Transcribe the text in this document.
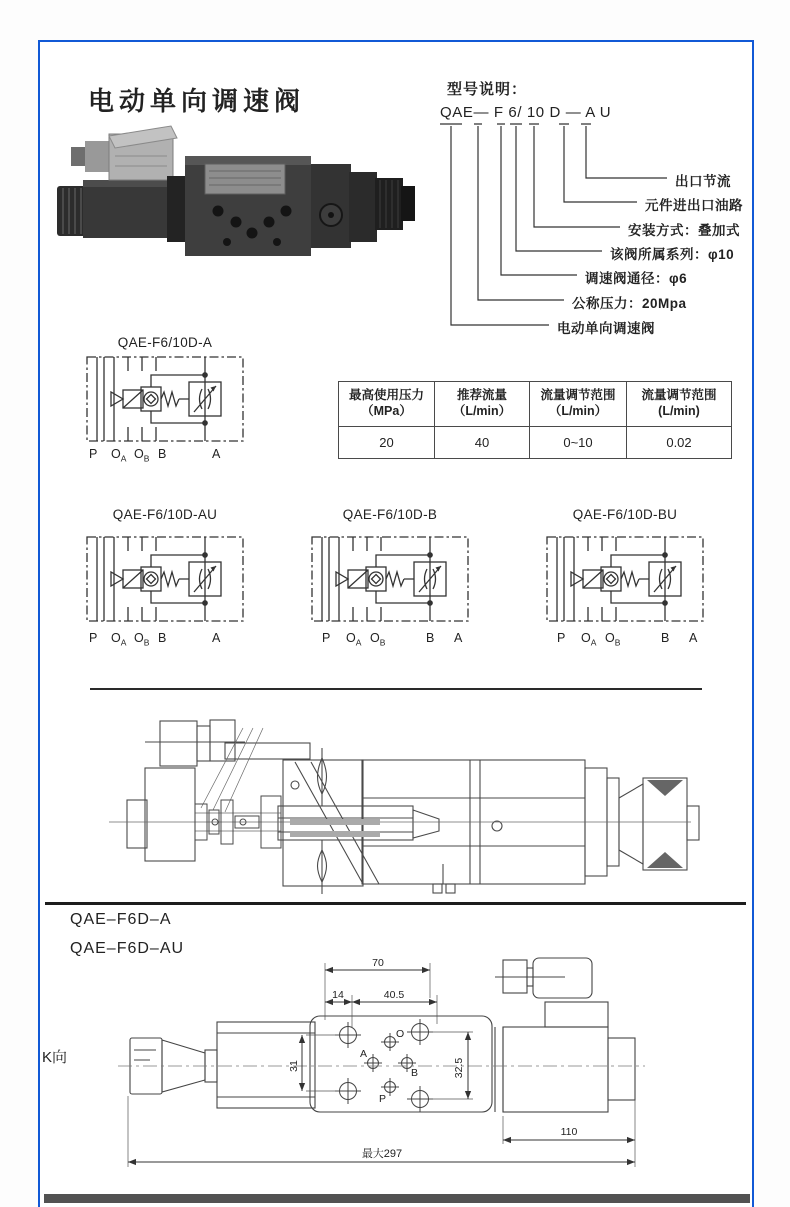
电动单向调速阀	型号说明：
QAE— F 6/ 10 D — A U
出口节流
元件进出口油路
安装方式：叠加式
该阀所属系列：φ10
调速阀通径：φ6
公称压力：20Mpa
电动单向调速阀
QAE-F6/10D-A
P $O_A$ $O_B$ B	A
最高使用压力
（MPa）
推荐流量
（L/min）
流量调节范围
（L/min）
流量调节范围
(L/min)
20	40	0~10	0.02
QAE-F6/10D-AU
P $O_A$ $O_B$ B	A
QAE-F6/10D-B
P $O_A$ $O_B$	B A
QAE-F6/10D-BU
P $O_A$ $O_B$	B A
QAE–F6D–A
QAE–F6D–AU
K向
70
14	40.5
31	32.5
110
最大297
O
A
B
P
